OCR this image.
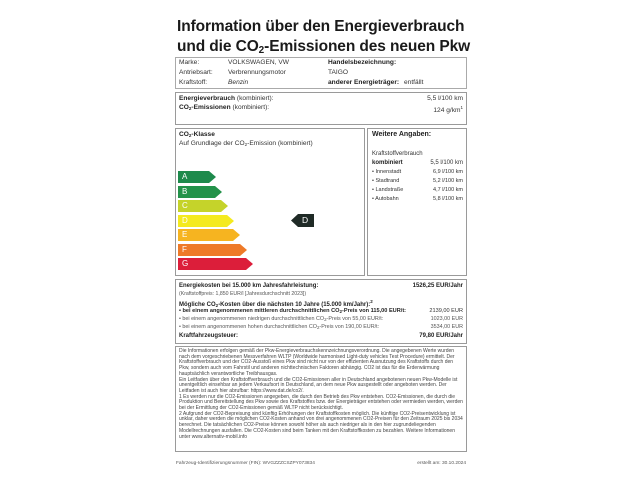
Information über den Energieverbrauch
und die CO2-Emissionen des neuen Pkw
Marke:	VOLKSWAGEN, VW
Antriebsart: Verbrennungsmotor
Kraftstoff:	Benzin
Handelsbezeichnung:
TAIGO
anderer Energieträger: entfällt
Energieverbrauch (kombiniert):	5,5 l/100 km
$CO_2$-Emissionen (kombiniert):	124 $g/km^1$
$CO_2$-Klasse
Auf Grundlage der $CO_2$-Emission (kombiniert)
A
B
C
D
E
F
G
D
Weitere Angaben:
Kraftstoffverbrauch
kombiniert	5,5 l/100 km
• Innenstadt	6,9 l/100 km
• Stadtrand	5,2 l/100 km
• Landstraße	4,7 l/100 km
• Autobahn	5,8 l/100 km
Energiekosten bei 15.000 km Jahresfahrleistung:	1526,25 EUR/Jahr
(Kraftstoffpreis: 1,850 EUR/l [Jahresdurchschnitt 2023])
Mögliche $CO_2$-Kosten über die nächsten 10 Jahre (15.000 km/Jahr):$^2$
• bei einem angenommenen mittleren durchschnittlichen $CO_2$-Preis von 115,00 EUR/t:	2139,00 EUR
• bei einem angenommenen niedrigen durchschnittlichen $CO_2$-Preis von 55,00 EUR/t:	1023,00 EUR
• bei einem angenommenen hohen durchschnittlichen $CO_2$-Preis von 190,00 EUR/t:	3534,00 EUR
Kraftfahrzeugsteuer:	79,80 EUR/Jahr
Die Informationen erfolgen gemäß der Pkw-Energieverbrauchskennzeichnungsverordnung. Die angegebenen Werte wurden nach dem vorgeschriebenen Messverfahren WLTP (Worldwide harmonised Light-duty vehicles Test Procedure) ermittelt. Der Kraftstoffverbrauch und der CO2-Ausstoß eines Pkw sind nicht nur von der effizienten Ausnutzung des Kraftstoffs durch den Pkw, sondern auch vom Fahrstil und anderen nichttechnischen Faktoren abhängig. CO2 ist das für die Erderwärmung hauptsächlich verantwortliche Treibhausgas.
Ein Leitfaden über den Kraftstoffverbrauch und die CO2-Emissionen aller in Deutschland angebotenen neuen Pkw-Modelle ist unentgeltlich einsehbar an jedem Verkaufsort in Deutschland, an dem neue Pkw ausgestellt oder angeboten werden. Der Leitfaden ist auch hier abrufbar: https://www.dat.de/co2/.
1 Es werden nur die CO2-Emissionen angegeben, die durch den Betrieb des Pkw entstehen. CO2-Emissionen, die durch die Produktion und Bereitstellung des Pkw sowie des Kraftstoffes bzw. der Energieträger entstehen oder vermieden werden, werden bei der Ermittlung der CO2-Emissionen gemäß WLTP nicht berücksichtigt.
2 Aufgrund der CO2-Bepreisung sind künftig Erhöhungen der Kraftstoffkosten möglich. Die künftige CO2-Preisentwicklung ist unklar, daher werden die möglichen CO2-Kosten anhand von drei angenommenen CO2-Preisen für den Zeitraum 2025 bis 2034 berechnet. Die tatsächlichen CO2-Preise können sowohl höher als auch niedriger als in den hier zugrundeliegenden Modellrechnungen ausfallen. Die CO2-Kosten sind beim Tanken mit den Kraftstoffkosten zu bezahlen. Weitere Informationen unter www.alternativ-mobil.info
Fahrzeug-Identifizierungsnummer (FIN): WVGZZZCSZPY073834	erstellt am: 30.10.2024
